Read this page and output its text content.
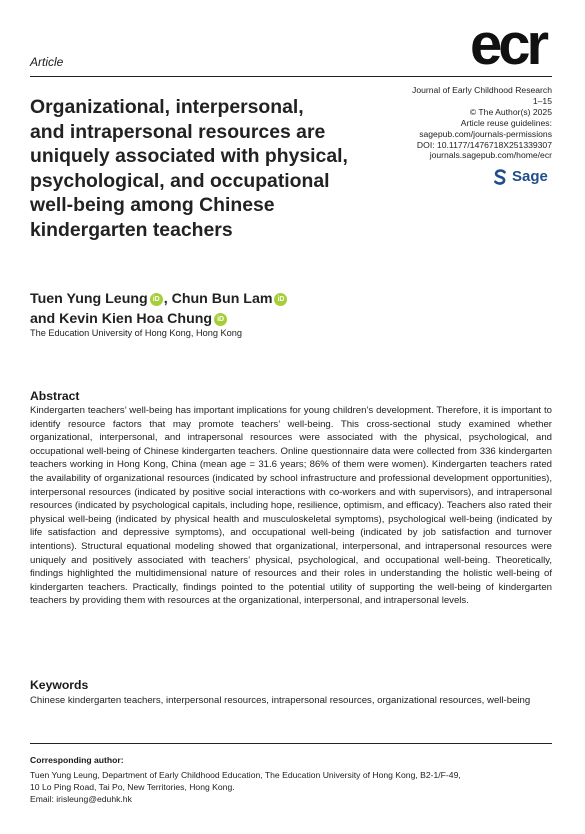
Article	ecr
Journal of Early Childhood Research
1–15
© The Author(s) 2025
Article reuse guidelines:
sagepub.com/journals-permissions
DOI: 10.1177/1476718X251339307
journals.sagepub.com/home/ecr
Sage
Organizational, interpersonal,
and intrapersonal resources are
uniquely associated with physical,
psychological, and occupational
well-being among Chinese
kindergarten teachers
Tuen Yung Leung iD , Chun Bun Lam iD
and Kevin Kien Hoa Chung iD
The Education University of Hong Kong, Hong Kong
Abstract
Kindergarten teachers’ well-being has important implications for young children’s development. Therefore, it is important to identify resource factors that may promote teachers’ well-being. This cross-sectional study examined whether organizational, interpersonal, and intrapersonal resources were associated with the physical, psychological, and occupational well-being of Chinese kindergarten teachers. Online questionnaire data were collected from 336 kindergarten teachers working in Hong Kong, China (mean age = 31.6 years; 86% of them were women). Kindergarten teachers rated the availability of organizational resources (indicated by school infrastructure and professional development opportunities), interpersonal resources (indicated by positive social interactions with co-workers and with supervisors), and intrapersonal resources (indicated by psychological capitals, including hope, resilience, optimism, and efficacy). Teachers also rated their physical well-being (indicated by physical health and musculoskeletal symptoms), psychological well-being (indicated by life satisfaction and depressive symptoms), and occupational well-being (indicated by job satisfaction and turnover intentions). Structural equational modeling showed that organizational, interpersonal, and intrapersonal resources were uniquely and positively associated with teachers’ physical, psychological, and occupational well-being. Theoretically, findings highlighted the multidimensional nature of resources and their roles in understanding the holistic well-being of kindergarten teachers. Practically, findings pointed to the potential utility of supporting the well-being of kindergarten teachers by providing them with resources at the organizational, interpersonal, and intrapersonal levels.
Keywords
Chinese kindergarten teachers, interpersonal resources, intrapersonal resources, organizational resources, well-being
Corresponding author:
Tuen Yung Leung, Department of Early Childhood Education, The Education University of Hong Kong, B2-1/F-49,
10 Lo Ping Road, Tai Po, New Territories, Hong Kong.
Email: irisleung@eduhk.hk
